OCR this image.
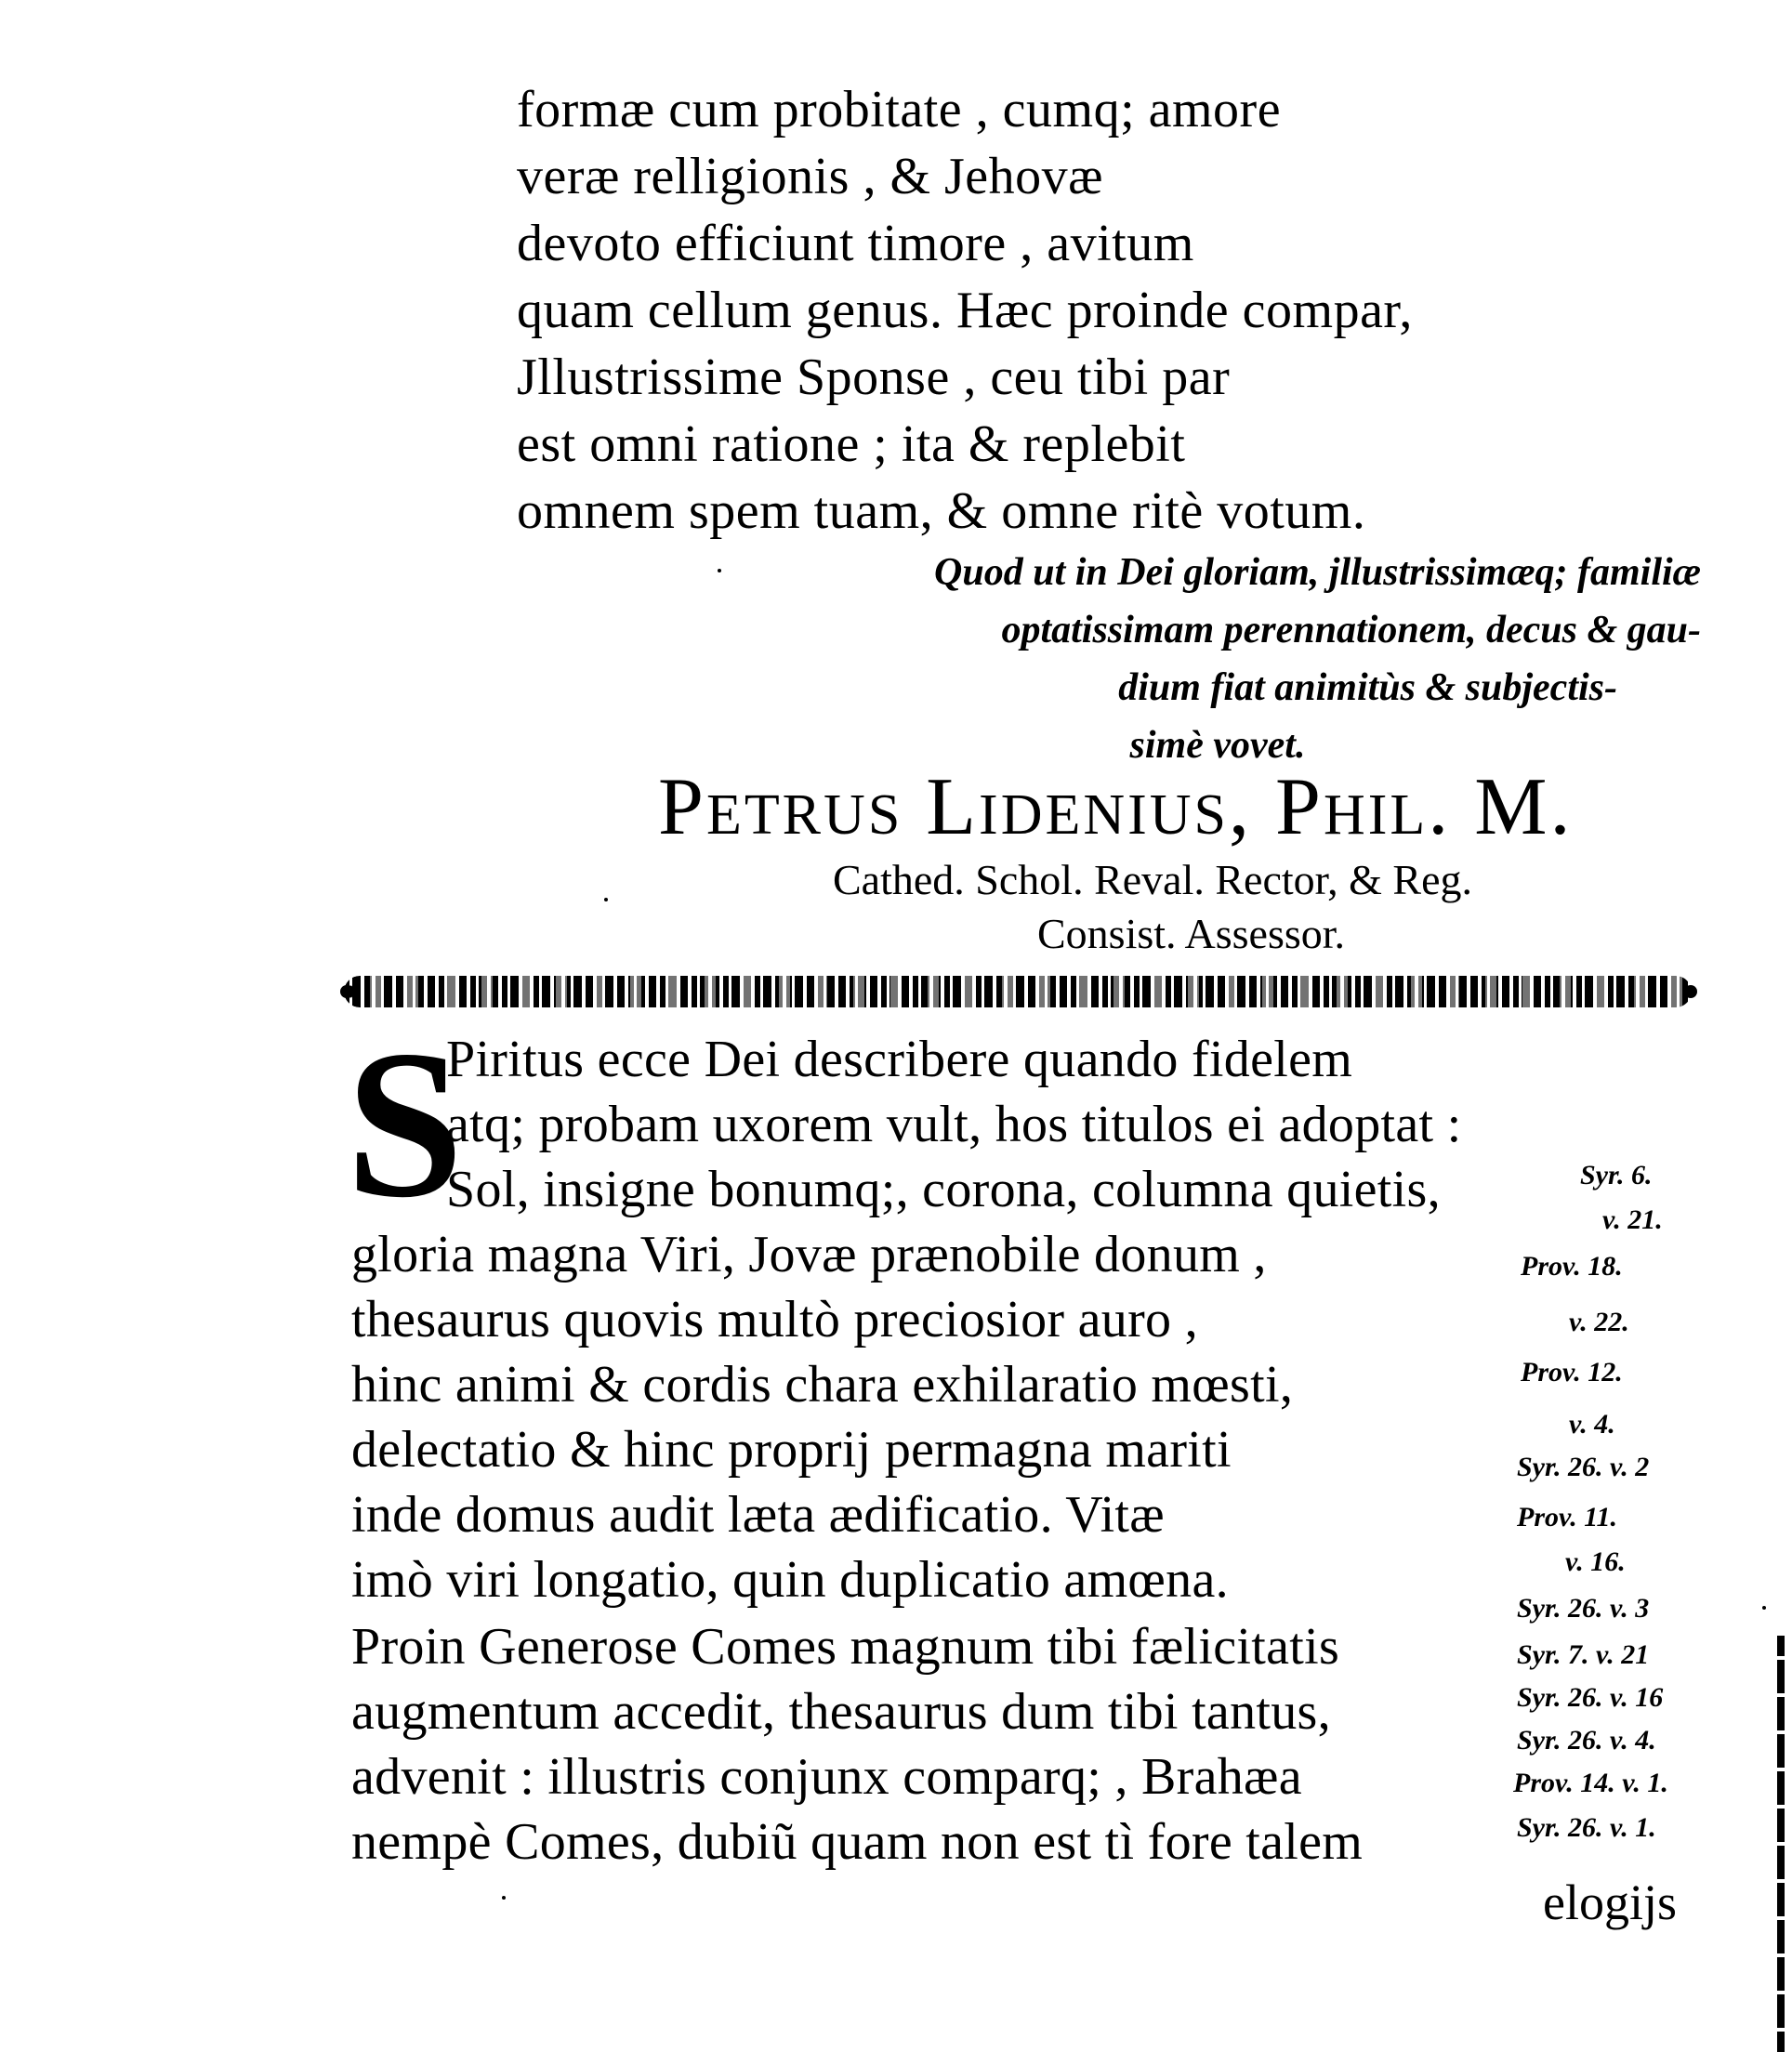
formæ cum probitate , cumq; amore
veræ relligionis , & Jehovæ
devoto efficiunt timore , avitum
quam cellum genus. Hæc proinde compar,
Jllustrissime Sponse , ceu tibi par
est omni ratione ; ita & replebit
omnem spem tuam, & omne ritè votum.
Quod ut in Dei gloriam, jllustrissimæq; familiæ
optatissimam perennationem, decus & gau-
dium fiat animitùs & subjectis-
simè vovet.
Petrus Lidenius, Phil. M.
Cathed. Schol. Reval. Rector, & Reg.
Consist. Assessor.
S
Piritus ecce Dei describere quando fidelem
atq; probam uxorem vult, hos titulos ei adoptat :
Sol, insigne bonumq;, corona, columna quietis,
gloria magna Viri, Jovæ prænobile donum ,
thesaurus quovis multò preciosior auro ,
hinc animi & cordis chara exhilaratio mœsti,
delectatio & hinc proprij permagna mariti
inde domus audit læta ædificatio. Vitæ
imò viri longatio, quin duplicatio amœna.
Proin Generose Comes magnum tibi fælicitatis
augmentum accedit, thesaurus dum tibi tantus,
advenit : illustris conjunx comparq; , Brahæa
nempè Comes, dubiũ quam non est tì fore talem
Syr. 6.
v. 21.
Prov. 18.
v. 22.
Prov. 12.
v. 4.
Syr. 26. v. 2
Prov. 11.
v. 16.
Syr. 26. v. 3
Syr. 7. v. 21
Syr. 26. v. 16
Syr. 26. v. 4.
Prov. 14. v. 1.
Syr. 26. v. 1.
elogijs
